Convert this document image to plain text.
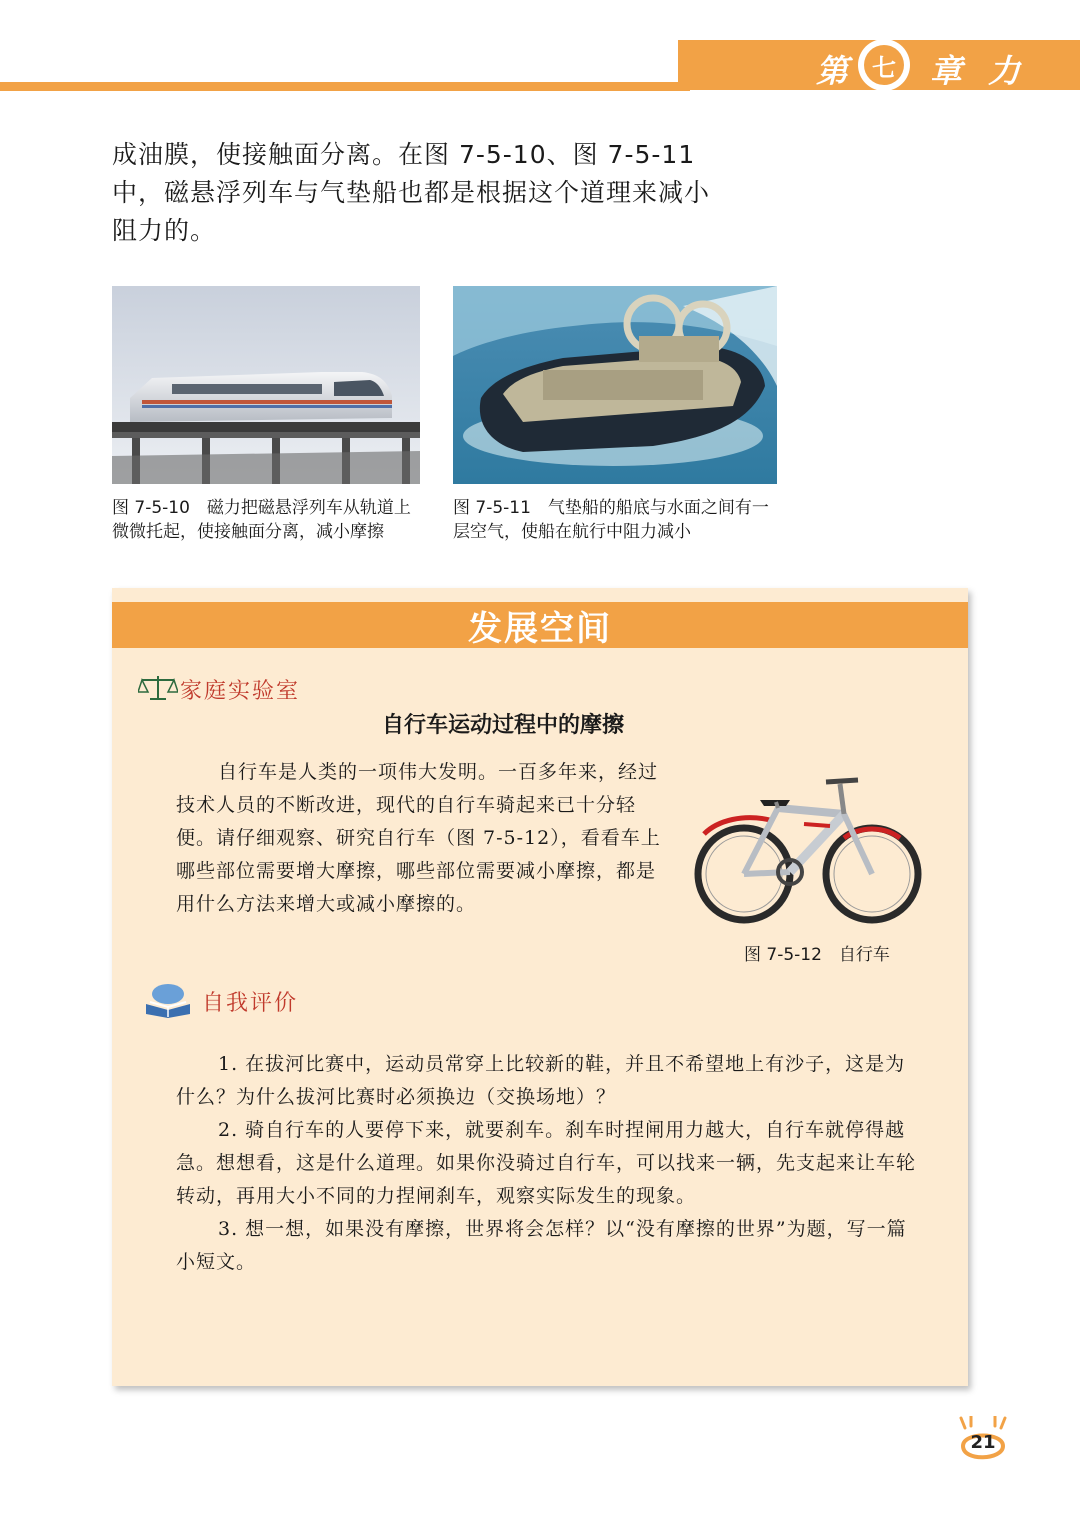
第 七 章 力
成油膜，使接触面分离。在图 7-5-10、图 7-5-11 中，磁悬浮列车与气垫船也都是根据这个道理来减小阻力的。
图 7-5-10　磁力把磁悬浮列车从轨道上微微托起，使接触面分离，减小摩擦
图 7-5-11　气垫船的船底与水面之间有一层空气，使船在航行中阻力减小
发展空间
家庭实验室
自行车运动过程中的摩擦

自行车是人类的一项伟大发明。一百多年来，经过技术人员的不断改进，现代的自行车骑起来已十分轻便。请仔细观察、研究自行车（图 7-5-12），看看车上哪些部位需要增大摩擦，哪些部位需要减小摩擦，都是用什么方法来增大或减小摩擦的。

图 7-5-12　自行车
自我评价

1. 在拔河比赛中，运动员常穿上比较新的鞋，并且不希望地上有沙子，这是为什么？为什么拔河比赛时必须换边（交换场地）？

2. 骑自行车的人要停下来，就要刹车。刹车时捏闸用力越大，自行车就停得越急。想想看，这是什么道理。如果你没骑过自行车，可以找来一辆，先支起来让车轮转动，再用大小不同的力捏闸刹车，观察实际发生的现象。

3. 想一想，如果没有摩擦，世界将会怎样？以“没有摩擦的世界”为题，写一篇小短文。

21
